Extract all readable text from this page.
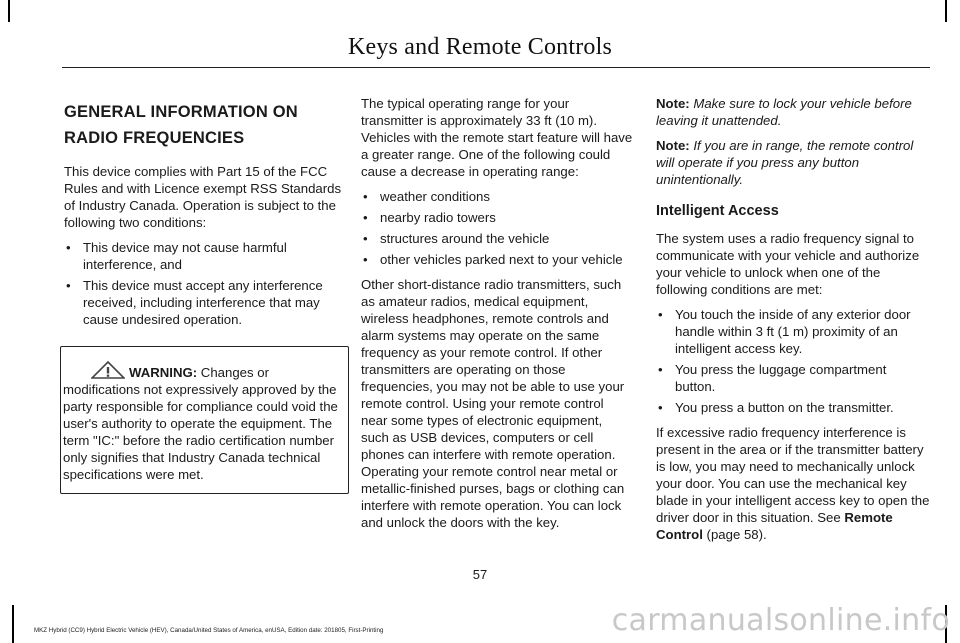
Keys and Remote Controls
GENERAL INFORMATION ON
RADIO FREQUENCIES

This device complies with Part 15 of the FCC Rules and with Licence exempt RSS Standards of Industry Canada. Operation is subject to the following two conditions:

• This device may not cause harmful interference, and
• This device must accept any interference received, including interference that may cause undesired operation.
WARNING: Changes or modifications not expressively approved by the party responsible for compliance could void the user's authority to operate the equipment. The term "IC:" before the radio certification number only signifies that Industry Canada technical specifications were met.

The typical operating range for your transmitter is approximately 33 ft (10 m). Vehicles with the remote start feature will have a greater range. One of the following could cause a decrease in operating range:

• weather conditions
• nearby radio towers
• structures around the vehicle
• other vehicles parked next to your vehicle

Other short-distance radio transmitters, such as amateur radios, medical equipment, wireless headphones, remote controls and alarm systems may operate on the same frequency as your remote control. If other transmitters are operating on those frequencies, you may not be able to use your remote control. Using your remote control near some types of electronic equipment, such as USB devices, computers or cell phones can interfere with remote operation. Operating your remote control near metal or metallic-finished purses, bags or clothing can interfere with remote operation. You can lock and unlock the doors with the key.

Note: Make sure to lock your vehicle before leaving it unattended.

Note: If you are in range, the remote control will operate if you press any button unintentionally.

Intelligent Access

The system uses a radio frequency signal to communicate with your vehicle and authorize your vehicle to unlock when one of the following conditions are met:

• You touch the inside of any exterior door handle within 3 ft (1 m) proximity of an intelligent access key.
• You press the luggage compartment button.
• You press a button on the transmitter.

If excessive radio frequency interference is present in the area or if the transmitter battery is low, you may need to mechanically unlock your door. You can use the mechanical key blade in your intelligent access key to open the driver door in this situation. See Remote Control (page 58).

57
MKZ Hybrid (CC9) Hybrid Electric Vehicle (HEV), Canada/United States of America, enUSA, Edition date: 201805, First-Printing	carmanualsonline.info
